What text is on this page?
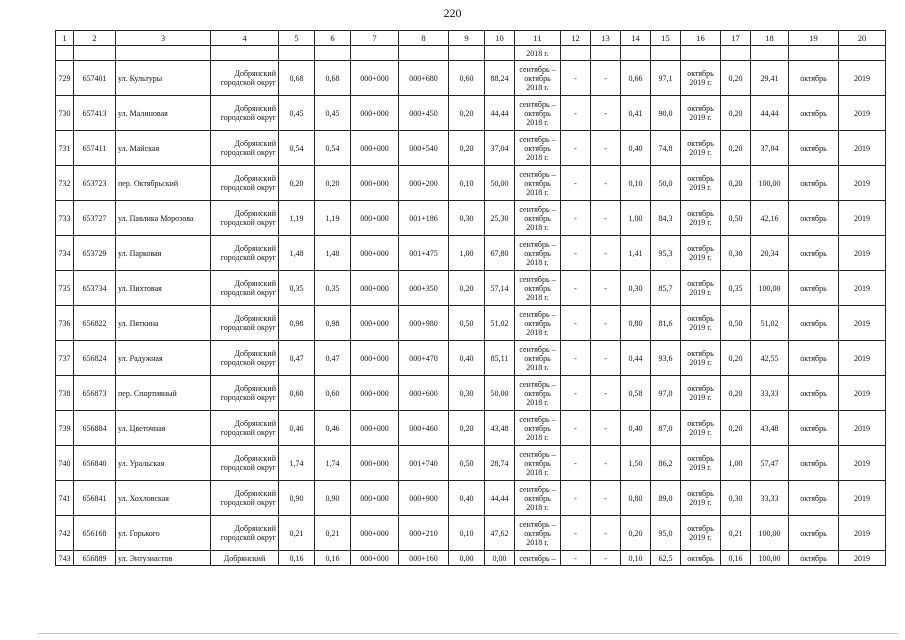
220
1	2	3	4	5	6	7	8	9	10	11	12	13	14	15	16	17	18	19	20
										2018 г.									
729	657401	ул. Культуры	Добрянский городской округ	0,68	0,68	000+000	000+680	0,60	88,24	сентябрь – октябрь 2018 г.	-	-	0,66	97,1	октябрь 2019 г.	0,20	29,41	октябрь	2019
730	657413	ул. Малиновая	Добрянский городской округ	0,45	0,45	000+000	000+450	0,20	44,44	сентябрь – октябрь 2018 г.	-	-	0,41	90,0	октябрь 2019 г.	0,20	44,44	октябрь	2019
731	657411	ул. Майская	Добрянский городской округ	0,54	0,54	000+000	000+540	0,20	37,04	сентябрь – октябрь 2018 г.	-	-	0,40	74,8	октябрь 2019 г.	0,20	37,04	октябрь	2019
732	653723	пер. Октябрьский	Добрянский городской округ	0,20	0,20	000+000	000+200	0,10	50,00	сентябрь – октябрь 2018 г.	-	-	0,10	50,0	октябрь 2019 г.	0,20	100,00	октябрь	2019
733	653727	ул. Павлика Морозова	Добрянский городской округ	1,19	1,19	000+000	001+186	0,30	25,30	сентябрь – октябрь 2018 г.	-	-	1,00	84,3	октябрь 2019 г.	0,50	42,16	октябрь	2019
734	653729	ул. Парковая	Добрянский городской округ	1,48	1,48	000+000	001+475	1,00	67,80	сентябрь – октябрь 2018 г.	-	-	1,41	95,3	октябрь 2019 г.	0,30	20,34	октябрь	2019
735	653734	ул. Пихтовая	Добрянский городской округ	0,35	0,35	000+000	000+350	0,20	57,14	сентябрь – октябрь 2018 г.	-	-	0,30	85,7	октябрь 2019 г.	0,35	100,00	октябрь	2019
736	656822	ул. Пяткина	Добрянский городской округ	0,98	0,98	000+000	000+980	0,50	51,02	сентябрь – октябрь 2018 г.	-	-	0,80	81,6	октябрь 2019 г.	0,50	51,02	октябрь	2019
737	656824	ул. Радужная	Добрянский городской округ	0,47	0,47	000+000	000+470	0,40	85,11	сентябрь – октябрь 2018 г.	-	-	0,44	93,6	октябрь 2019 г.	0,20	42,55	октябрь	2019
738	656873	пер. Спортивный	Добрянский городской округ	0,60	0,60	000+000	000+600	0,30	50,00	сентябрь – октябрь 2018 г.	-	-	0,58	97,0	октябрь 2019 г.	0,20	33,33	октябрь	2019
739	656884	ул. Цветочная	Добрянский городской округ	0,46	0,46	000+000	000+460	0,20	43,48	сентябрь – октябрь 2018 г.	-	-	0,40	87,0	октябрь 2019 г.	0,20	43,48	октябрь	2019
740	656840	ул. Уральская	Добрянский городской округ	1,74	1,74	000+000	001+740	0,50	28,74	сентябрь – октябрь 2018 г.	-	-	1,50	86,2	октябрь 2019 г.	1,00	57,47	октябрь	2019
741	656841	ул. Хохловская	Добрянский городской округ	0,90	0,90	000+000	000+900	0,40	44,44	сентябрь – октябрь 2018 г.	-	-	0,80	89,0	октябрь 2019 г.	0,30	33,33	октябрь	2019
742	656168	ул. Горького	Добрянский городской округ	0,21	0,21	000+000	000+210	0,10	47,62	сентябрь – октябрь 2018 г.	-	-	0,20	95,0	октябрь 2019 г.	0,21	100,00	октябрь	2019
743	656889	ул. Энтузиастов	Добрянский	0,16	0,16	000+000	000+160	0,00	0,00	сентябрь –	-	-	0,10	62,5	октябрь	0,16	100,00	октябрь	2019
